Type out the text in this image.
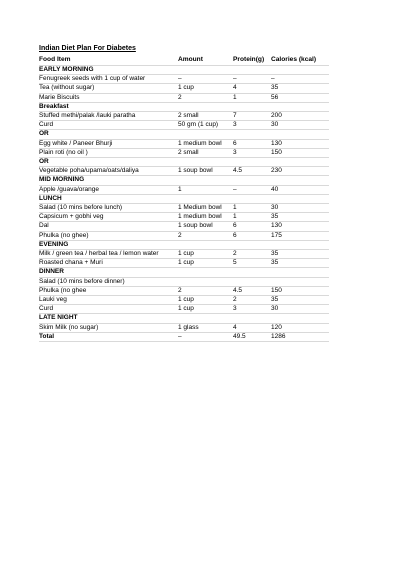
Indian Diet Plan For Diabetes
Food Item	Amount	Protein(g)	Calories (kcal)
EARLY MORNING			
Fenugreek seeds with 1 cup of water	–	–	–
Tea (without sugar)	1 cup	4	35
Marie Biscuits	2	1	56
Breakfast			
Stuffed methi/palak /lauki paratha	2 small	7	200
Curd	50 gm (1 cup)	3	30
OR			
Egg white / Paneer Bhurji	1 medium bowl	6	130
Plain roti (no oil )	2 small	3	150
OR			
Vegetable poha/upama/oats/daliya	1 soup bowl	4.5	230
MID MORNING			
Apple /guava/orange	1	–	40
LUNCH			
Salad (10 mins before lunch)	1 Medium bowl	1	30
Capsicum + gobhi veg	1 medium bowl	1	35
Dal	1 soup bowl	6	130
Phulka (no ghee)	2	6	175
EVENING			
Milk / green tea / herbal tea / lemon water	1 cup	2	35
Roasted chana + Muri	1 cup	5	35
DINNER			
Salad (10 mins before dinner)			
Phulka (no ghee	2	4.5	150
Lauki veg	1 cup	2	35
Curd	1 cup	3	30
LATE NIGHT			
Skim Milk (no sugar)	1 glass	4	120
Total	–	49.5	1286
